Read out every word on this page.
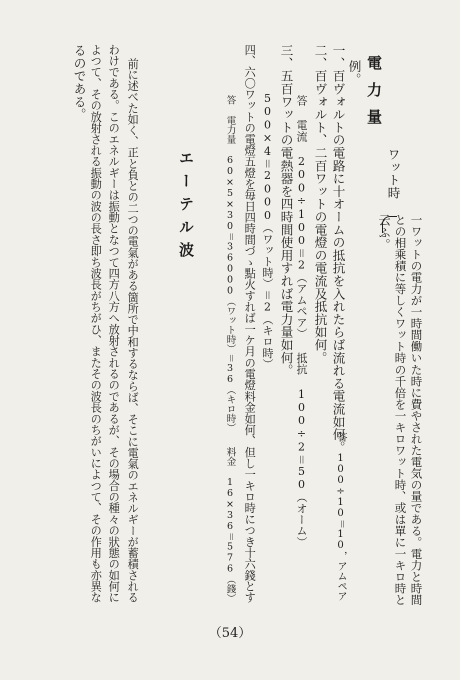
一ワットの電力が一時間働いた時に費やされた電気の量である。電力と時間
との相乘積に等しくワット時の千倍を一キロワット時、或は單に一キロ時と
云ふ。
ワット時
電力量
例。
一、百ヴォルトの電路に十オームの抵抗を入れたらば流れる電流如何。
答 100÷10＝10，アムペア
二、百ヴォルト、二百ワットの電燈の電流及抵抗如何。
答 電流 200÷100＝2（アムペア） 抵抗 100÷2＝50（オーム）
三、五百ワットの電熱器を四時間使用すれば電力量如何。
500×4＝2000（ワット時）＝2（キロ時）
四、六〇ワットの電燈五燈を毎日四時間づゝ點火すれば一ケ月の電燈料金如何、但し一キロ時につき十六錢とす
答 電力量 60×5×30＝36000（ワット時）＝36（キロ時）　　料金 16×36＝576（錢）
エーテル波
前に述べた如く、正と負との二つの電氣がある箇所で中和するならば、そこに電氣のエネルギーが蓄積される
わけである。このエネルギーは振動となつて四方八方へ放射されるのであるが、その場合の種々の狀態の如何に
よつて、その放射される振動の波の長さ即ち波長がちがひ、またその波長のちがいによつて、その作用も亦異な
るのである。
（54）
